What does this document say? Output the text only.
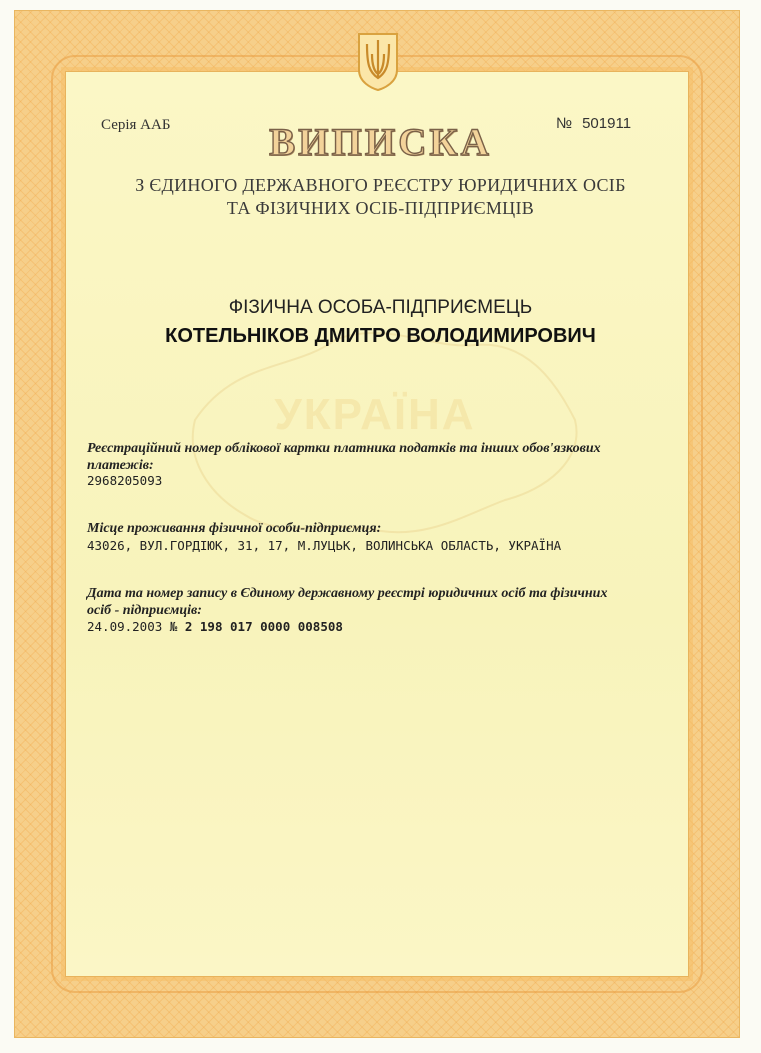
УКРАЇНА
Серія ААБ	№ 501911
ВИПИСКА
З ЄДИНОГО ДЕРЖАВНОГО РЕЄСТРУ ЮРИДИЧНИХ ОСІБ
ТА ФІЗИЧНИХ ОСІБ-ПІДПРИЄМЦІВ
ФІЗИЧНА ОСОБА-ПІДПРИЄМЕЦЬ
КОТЕЛЬНІКОВ ДМИТРО ВОЛОДИМИРОВИЧ
Реєстраційний номер облікової картки платника податків та інших обов'язкових
платежів:
2968205093
Місце проживання фізичної особи-підприємця:
43026, ВУЛ.ГОРДІЮК, 31, 17, М.ЛУЦЬК, ВОЛИНСЬКА ОБЛАСТЬ, УКРАЇНА
Дата та номер запису в Єдиному державному реєстрі юридичних осіб та фізичних
осіб - підприємців:
24.09.2003 № 2 198 017 0000 008508
